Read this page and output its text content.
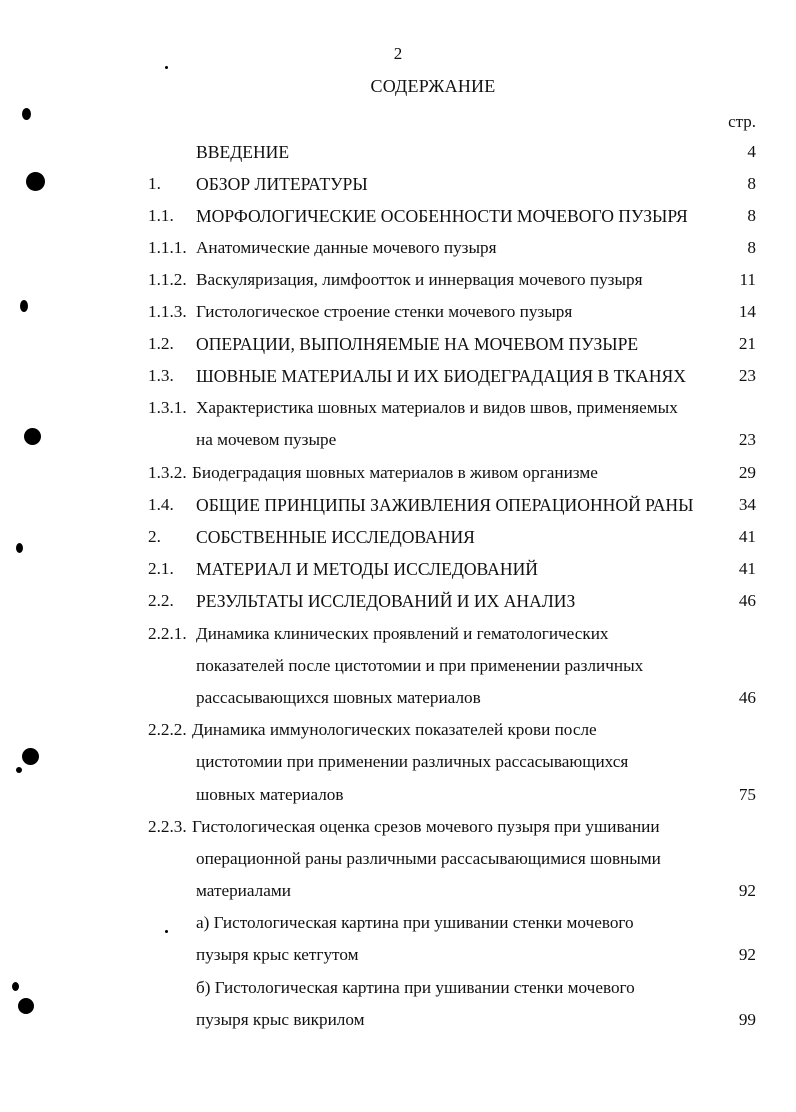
2
СОДЕРЖАНИЕ
стр.
ВВЕДЕНИЕ	4
1. ОБЗОР ЛИТЕРАТУРЫ	8
1.1. МОРФОЛОГИЧЕСКИЕ ОСОБЕННОСТИ МОЧЕВОГО ПУЗЫРЯ	8
1.1.1. Анатомические данные мочевого пузыря	8
1.1.2. Васкуляризация, лимфоотток и иннервация мочевого пузыря	11
1.1.3. Гистологическое строение стенки мочевого пузыря	14
1.2. ОПЕРАЦИИ, ВЫПОЛНЯЕМЫЕ НА МОЧЕВОМ ПУЗЫРЕ	21
1.3. ШОВНЫЕ МАТЕРИАЛЫ И ИХ БИОДЕГРАДАЦИЯ В ТКАНЯХ	23
1.3.1. Характеристика шовных материалов и видов швов, применяемых
на мочевом пузыре	23
1.3.2. Биодеградация шовных материалов в живом организме	29
1.4. ОБЩИЕ ПРИНЦИПЫ ЗАЖИВЛЕНИЯ ОПЕРАЦИОННОЙ РАНЫ	34
2. СОБСТВЕННЫЕ ИССЛЕДОВАНИЯ	41
2.1. МАТЕРИАЛ И МЕТОДЫ ИССЛЕДОВАНИЙ	41
2.2. РЕЗУЛЬТАТЫ ИССЛЕДОВАНИЙ И ИХ АНАЛИЗ	46
2.2.1. Динамика клинических проявлений и гематологических
показателей после цистотомии и при применении различных
рассасывающихся шовных материалов	46
2.2.2. Динамика иммунологических показателей крови после
цистотомии при применении различных рассасывающихся
шовных материалов	75
2.2.3. Гистологическая оценка срезов мочевого пузыря при ушивании
операционной раны различными рассасывающимися шовными
материалами	92
а) Гистологическая картина при ушивании стенки мочевого
пузыря крыс кетгутом	92
б) Гистологическая картина при ушивании стенки мочевого
пузыря крыс викрилом	99
